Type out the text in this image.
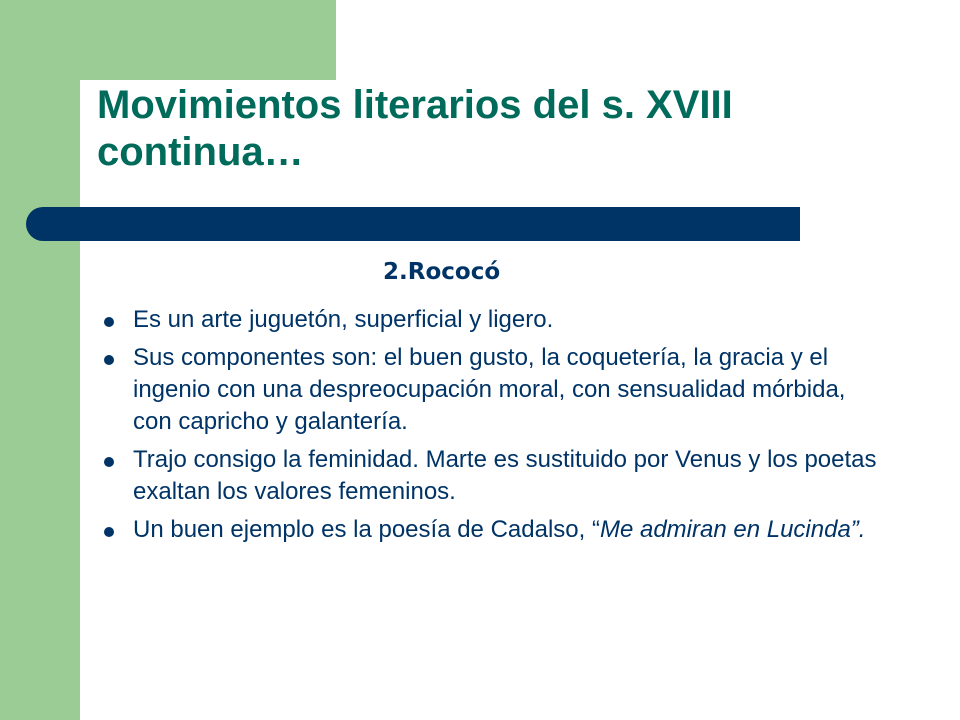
Movimientos literarios del s. XVIII continua…
2.Rococó
Es un arte juguetón, superficial y ligero.
Sus componentes son: el buen gusto, la coquetería, la gracia y el ingenio con una despreocupación moral, con sensualidad mórbida, con capricho y galantería.
Trajo consigo la feminidad. Marte es sustituido por Venus y los poetas exaltan los valores femeninos.
Un buen ejemplo es la poesía de Cadalso, “Me admiran en Lucinda”.
